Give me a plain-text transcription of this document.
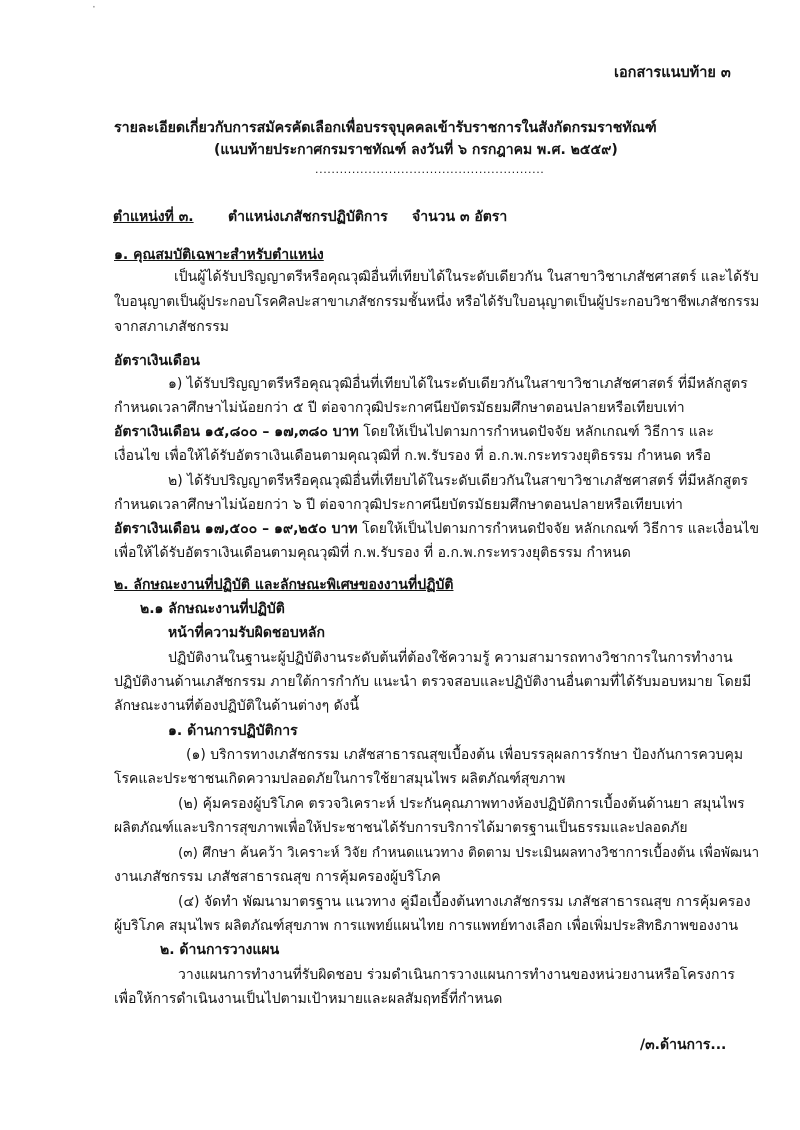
·
เอกสารแนบท้าย ๓
รายละเอียดเกี่ยวกับการสมัครคัดเลือกเพื่อบรรจุบุคคลเข้ารับราชการในสังกัดกรมราชทัณฑ์
(แนบท้ายประกาศกรมราชทัณฑ์ ลงวันที่ ๖ กรกฎาคม พ.ศ. ๒๕๕๙)
........................................................
ตำแหน่งที่ ๓. ตำแหน่งเภสัชกรปฏิบัติการ จำนวน ๓ อัตรา
๑. คุณสมบัติเฉพาะสำหรับตำแหน่ง
เป็นผู้ได้รับปริญญาตรีหรือคุณวุฒิอื่นที่เทียบได้ในระดับเดียวกัน ในสาขาวิชาเภสัชศาสตร์ และได้รับ
ใบอนุญาตเป็นผู้ประกอบโรคศิลปะสาขาเภสัชกรรมชั้นหนึ่ง หรือได้รับใบอนุญาตเป็นผู้ประกอบวิชาชีพเภสัชกรรม
จากสภาเภสัชกรรม
อัตราเงินเดือน
๑) ได้รับปริญญาตรีหรือคุณวุฒิอื่นที่เทียบได้ในระดับเดียวกันในสาขาวิชาเภสัชศาสตร์ ที่มีหลักสูตร
กำหนดเวลาศึกษาไม่น้อยกว่า ๕ ปี ต่อจากวุฒิประกาศนียบัตรมัธยมศึกษาตอนปลายหรือเทียบเท่า
อัตราเงินเดือน ๑๕,๘๐๐ – ๑๗,๓๘๐ บาท โดยให้เป็นไปตามการกำหนดปัจจัย หลักเกณฑ์ วิธีการ และ
เงื่อนไข เพื่อให้ได้รับอัตราเงินเดือนตามคุณวุฒิที่ ก.พ.รับรอง ที่ อ.ก.พ.กระทรวงยุติธรรม กำหนด หรือ
๒) ได้รับปริญญาตรีหรือคุณวุฒิอื่นที่เทียบได้ในระดับเดียวกันในสาขาวิชาเภสัชศาสตร์ ที่มีหลักสูตร
กำหนดเวลาศึกษาไม่น้อยกว่า ๖ ปี ต่อจากวุฒิประกาศนียบัตรมัธยมศึกษาตอนปลายหรือเทียบเท่า
อัตราเงินเดือน ๑๗,๕๐๐ – ๑๙,๒๕๐ บาท โดยให้เป็นไปตามการกำหนดปัจจัย หลักเกณฑ์ วิธีการ และเงื่อนไข
เพื่อให้ได้รับอัตราเงินเดือนตามคุณวุฒิที่ ก.พ.รับรอง ที่ อ.ก.พ.กระทรวงยุติธรรม กำหนด
๒. ลักษณะงานที่ปฏิบัติ และลักษณะพิเศษของงานที่ปฏิบัติ
๒.๑ ลักษณะงานที่ปฏิบัติ
หน้าที่ความรับผิดชอบหลัก
ปฏิบัติงานในฐานะผู้ปฏิบัติงานระดับต้นที่ต้องใช้ความรู้ ความสามารถทางวิชาการในการทำงาน
ปฏิบัติงานด้านเภสัชกรรม ภายใต้การกำกับ แนะนำ ตรวจสอบและปฏิบัติงานอื่นตามที่ได้รับมอบหมาย โดยมี
ลักษณะงานที่ต้องปฏิบัติในด้านต่างๆ ดังนี้
๑. ด้านการปฏิบัติการ
(๑) บริการทางเภสัชกรรม เภสัชสาธารณสุขเบื้องต้น เพื่อบรรลุผลการรักษา ป้องกันการควบคุม
โรคและประชาชนเกิดความปลอดภัยในการใช้ยาสมุนไพร ผลิตภัณฑ์สุขภาพ
(๒) คุ้มครองผู้บริโภค ตรวจวิเคราะห์ ประกันคุณภาพทางห้องปฏิบัติการเบื้องต้นด้านยา สมุนไพร
ผลิตภัณฑ์และบริการสุขภาพเพื่อให้ประชาชนได้รับการบริการได้มาตรฐานเป็นธรรมและปลอดภัย
(๓) ศึกษา ค้นคว้า วิเคราะห์ วิจัย กำหนดแนวทาง ติดตาม ประเมินผลทางวิชาการเบื้องต้น เพื่อพัฒนา
งานเภสัชกรรม เภสัชสาธารณสุข การคุ้มครองผู้บริโภค
(๔) จัดทำ พัฒนามาตรฐาน แนวทาง คู่มือเบื้องต้นทางเภสัชกรรม เภสัชสาธารณสุข การคุ้มครอง
ผู้บริโภค สมุนไพร ผลิตภัณฑ์สุขภาพ การแพทย์แผนไทย การแพทย์ทางเลือก เพื่อเพิ่มประสิทธิภาพของงาน
๒. ด้านการวางแผน
วางแผนการทำงานที่รับผิดชอบ ร่วมดำเนินการวางแผนการทำงานของหน่วยงานหรือโครงการ
เพื่อให้การดำเนินงานเป็นไปตามเป้าหมายและผลสัมฤทธิ์ที่กำหนด
/๓.ด้านการ...
